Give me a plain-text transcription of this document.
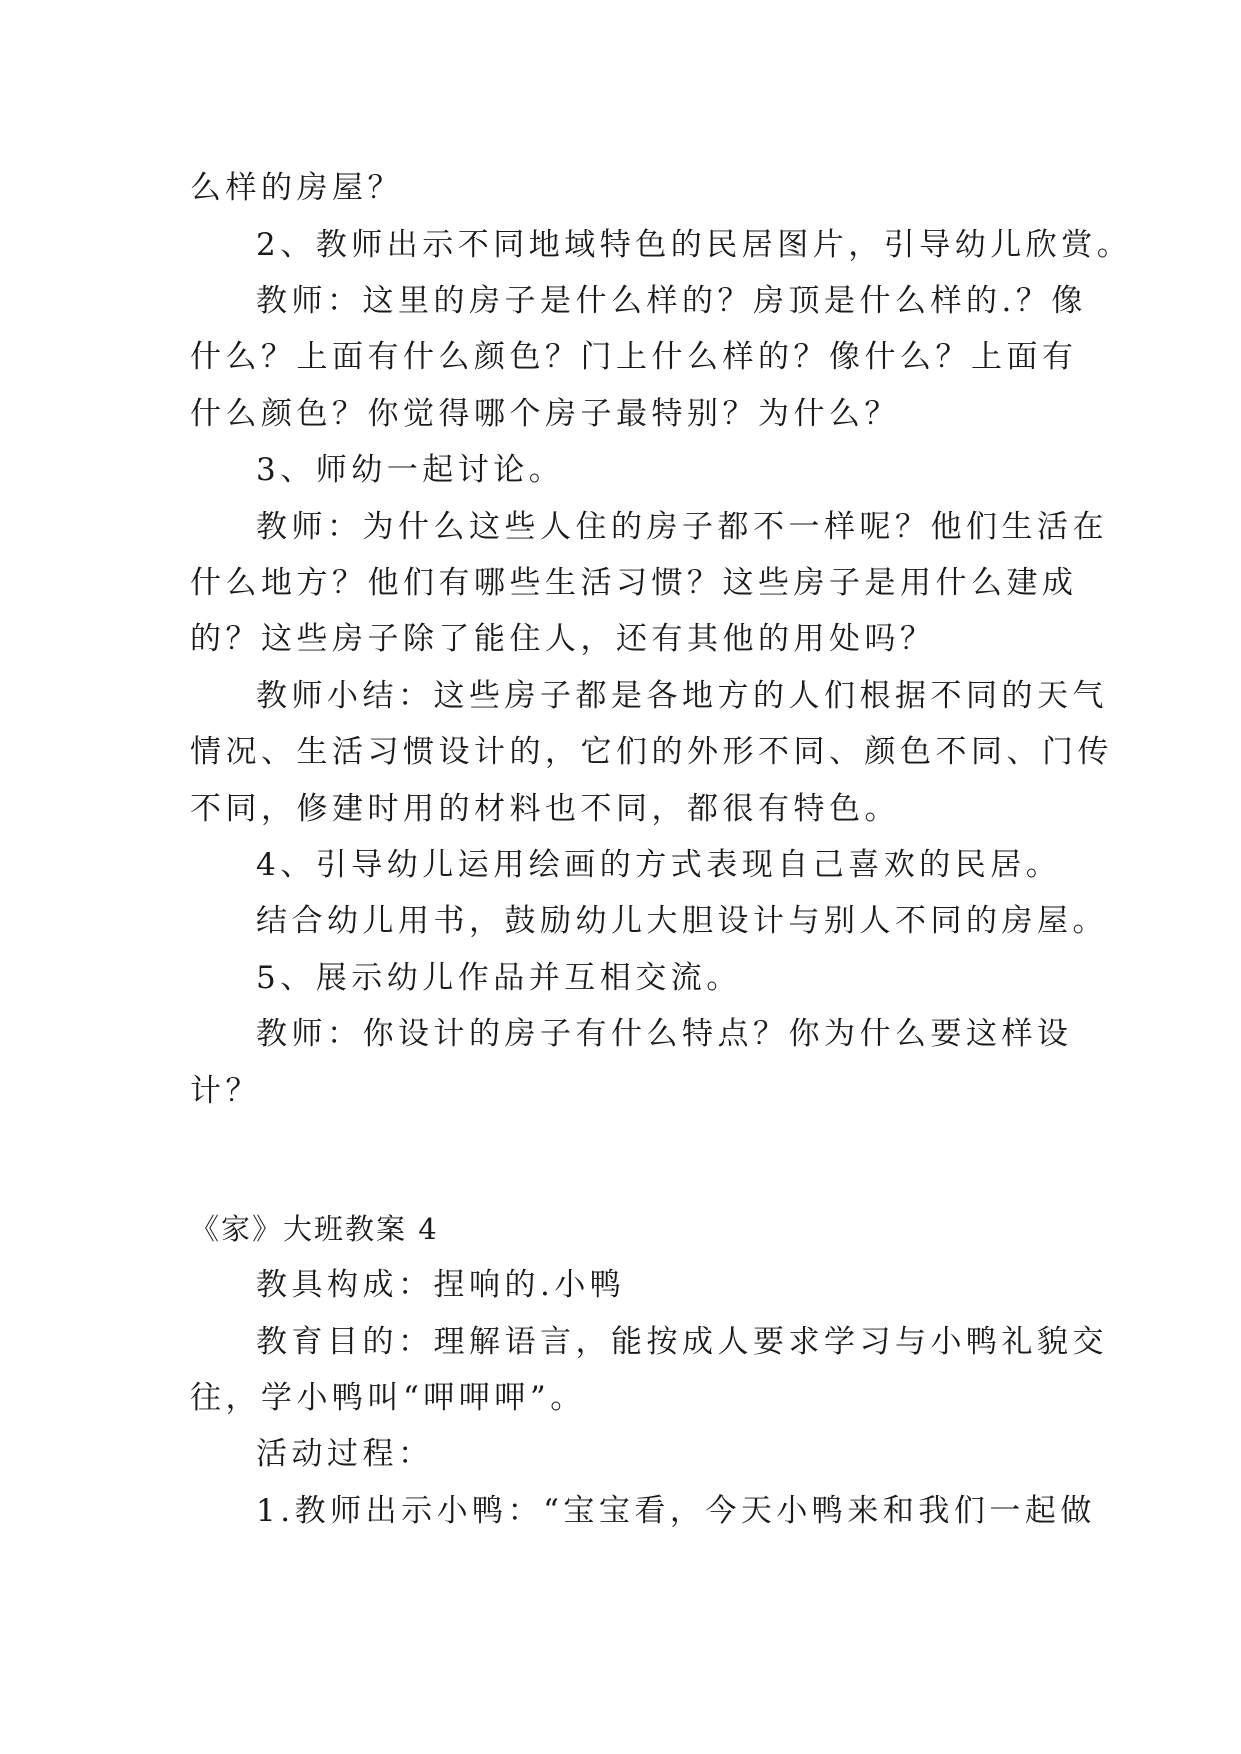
么样的房屋？
2、教师出示不同地域特色的民居图片，引导幼儿欣赏。
教师：这里的房子是什么样的？房顶是什么样的.？像
什么？上面有什么颜色？门上什么样的？像什么？上面有
什么颜色？你觉得哪个房子最特别？为什么？
3、师幼一起讨论。
教师：为什么这些人住的房子都不一样呢？他们生活在
什么地方？他们有哪些生活习惯？这些房子是用什么建成
的？这些房子除了能住人，还有其他的用处吗？
教师小结：这些房子都是各地方的人们根据不同的天气
情况、生活习惯设计的，它们的外形不同、颜色不同、门传
不同，修建时用的材料也不同，都很有特色。
4、引导幼儿运用绘画的方式表现自己喜欢的民居。
结合幼儿用书，鼓励幼儿大胆设计与别人不同的房屋。
5、展示幼儿作品并互相交流。
教师：你设计的房子有什么特点？你为什么要这样设
计？
《家》大班教案 4
教具构成：捏响的.小鸭
教育目的：理解语言，能按成人要求学习与小鸭礼貌交
往，学小鸭叫“呷呷呷”。
活动过程：
1.教师出示小鸭：“宝宝看，今天小鸭来和我们一起做
